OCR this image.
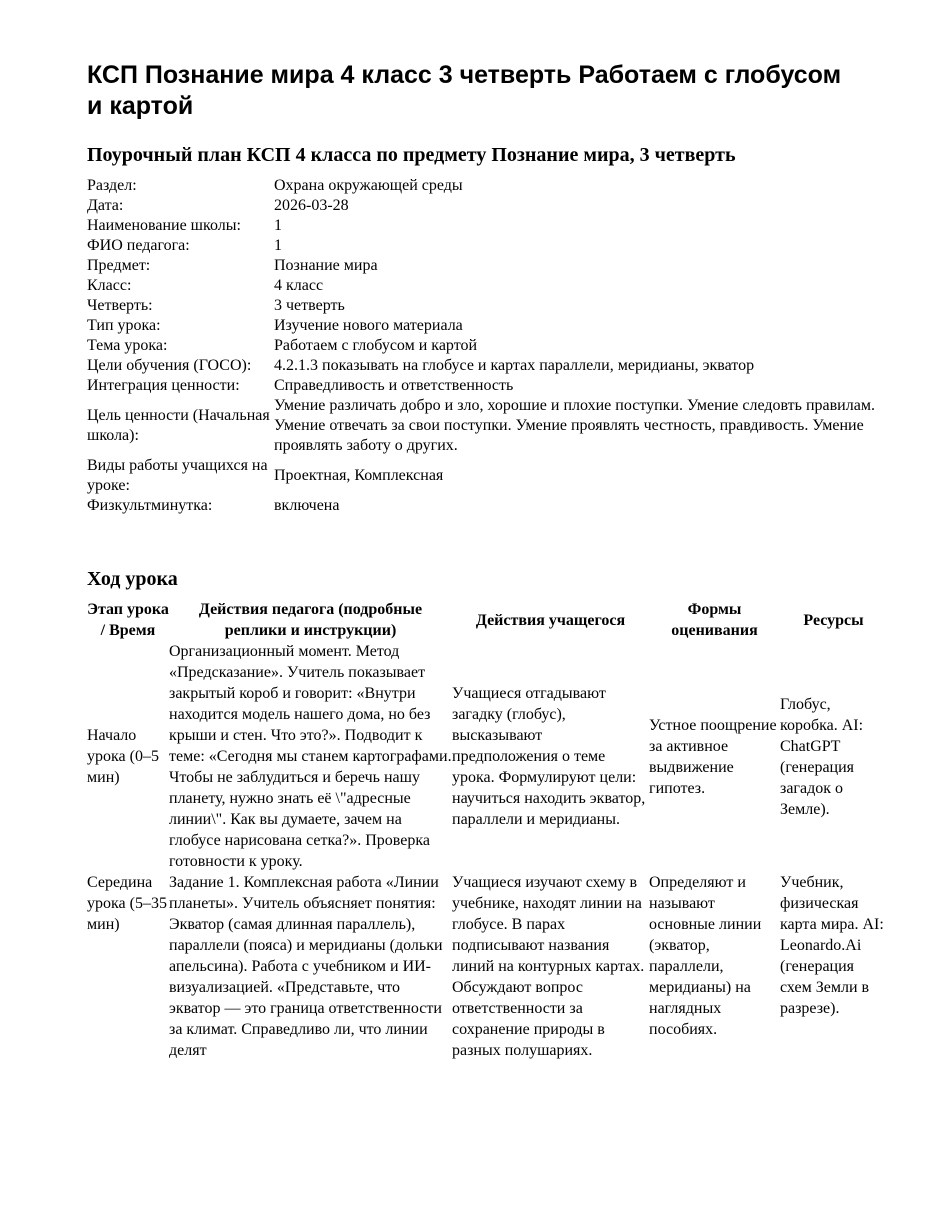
КСП Познание мира 4 класс 3 четверть Работаем с глобусом и картой
Поурочный план КСП 4 класса по предмету Познание мира, 3 четверть
Раздел:	Охрана окружающей среды
Дата:	2026-03-28
Наименование школы:	1
ФИО педагога:	1
Предмет:	Познание мира
Класс:	4 класс
Четверть:	3 четверть
Тип урока:	Изучение нового материала
Тема урока:	Работаем с глобусом и картой
Цели обучения (ГОСО):	4.2.1.3 показывать на глобусе и картах параллели, меридианы, экватор
Интеграция ценности:	Справедливость и ответственность
Цель ценности (Начальная школа):	Умение различать добро и зло, хорошие и плохие поступки. Умение следовть правилам. Умение отвечать за свои поступки. Умение проявлять честность, правдивость. Умение проявлять заботу о других.
Виды работы учащихся на уроке:	Проектная, Комплексная
Физкультминутка:	включена
Ход урока
Этап урока / Время	Действия педагога (подробные реплики и инструкции)	Действия учащегося	Формы оценивания	Ресурсы
Начало урока (0–5 мин)	Организационный момент. Метод «Предсказание». Учитель показывает закрытый короб и говорит: «Внутри находится модель нашего дома, но без крыши и стен. Что это?». Подводит к теме: «Сегодня мы станем картографами. Чтобы не заблудиться и беречь нашу планету, нужно знать её \"адресные линии\". Как вы думаете, зачем на глобусе нарисована сетка?». Проверка готовности к уроку.	Учащиеся отгадывают загадку (глобус), высказывают предположения о теме урока. Формулируют цели: научиться находить экватор, параллели и меридианы.	Устное поощрение за активное выдвижение гипотез.	Глобус, коробка. AI: ChatGPT (генерация загадок о Земле).
Середина урока (5–35 мин)	Задание 1. Комплексная работа «Линии планеты». Учитель объясняет понятия: Экватор (самая длинная параллель), параллели (пояса) и меридианы (дольки апельсина). Работа с учебником и ИИ-визуализацией. «Представьте, что экватор — это граница ответственности за климат. Справедливо ли, что линии делят	Учащиеся изучают схему в учебнике, находят линии на глобусе. В парах подписывают названия линий на контурных картах. Обсуждают вопрос ответственности за сохранение природы в разных полушариях.	Определяют и называют основные линии (экватор, параллели, меридианы) на наглядных пособиях.	Учебник, физическая карта мира. AI: Leonardo.Ai (генерация схем Земли в разрезе).
